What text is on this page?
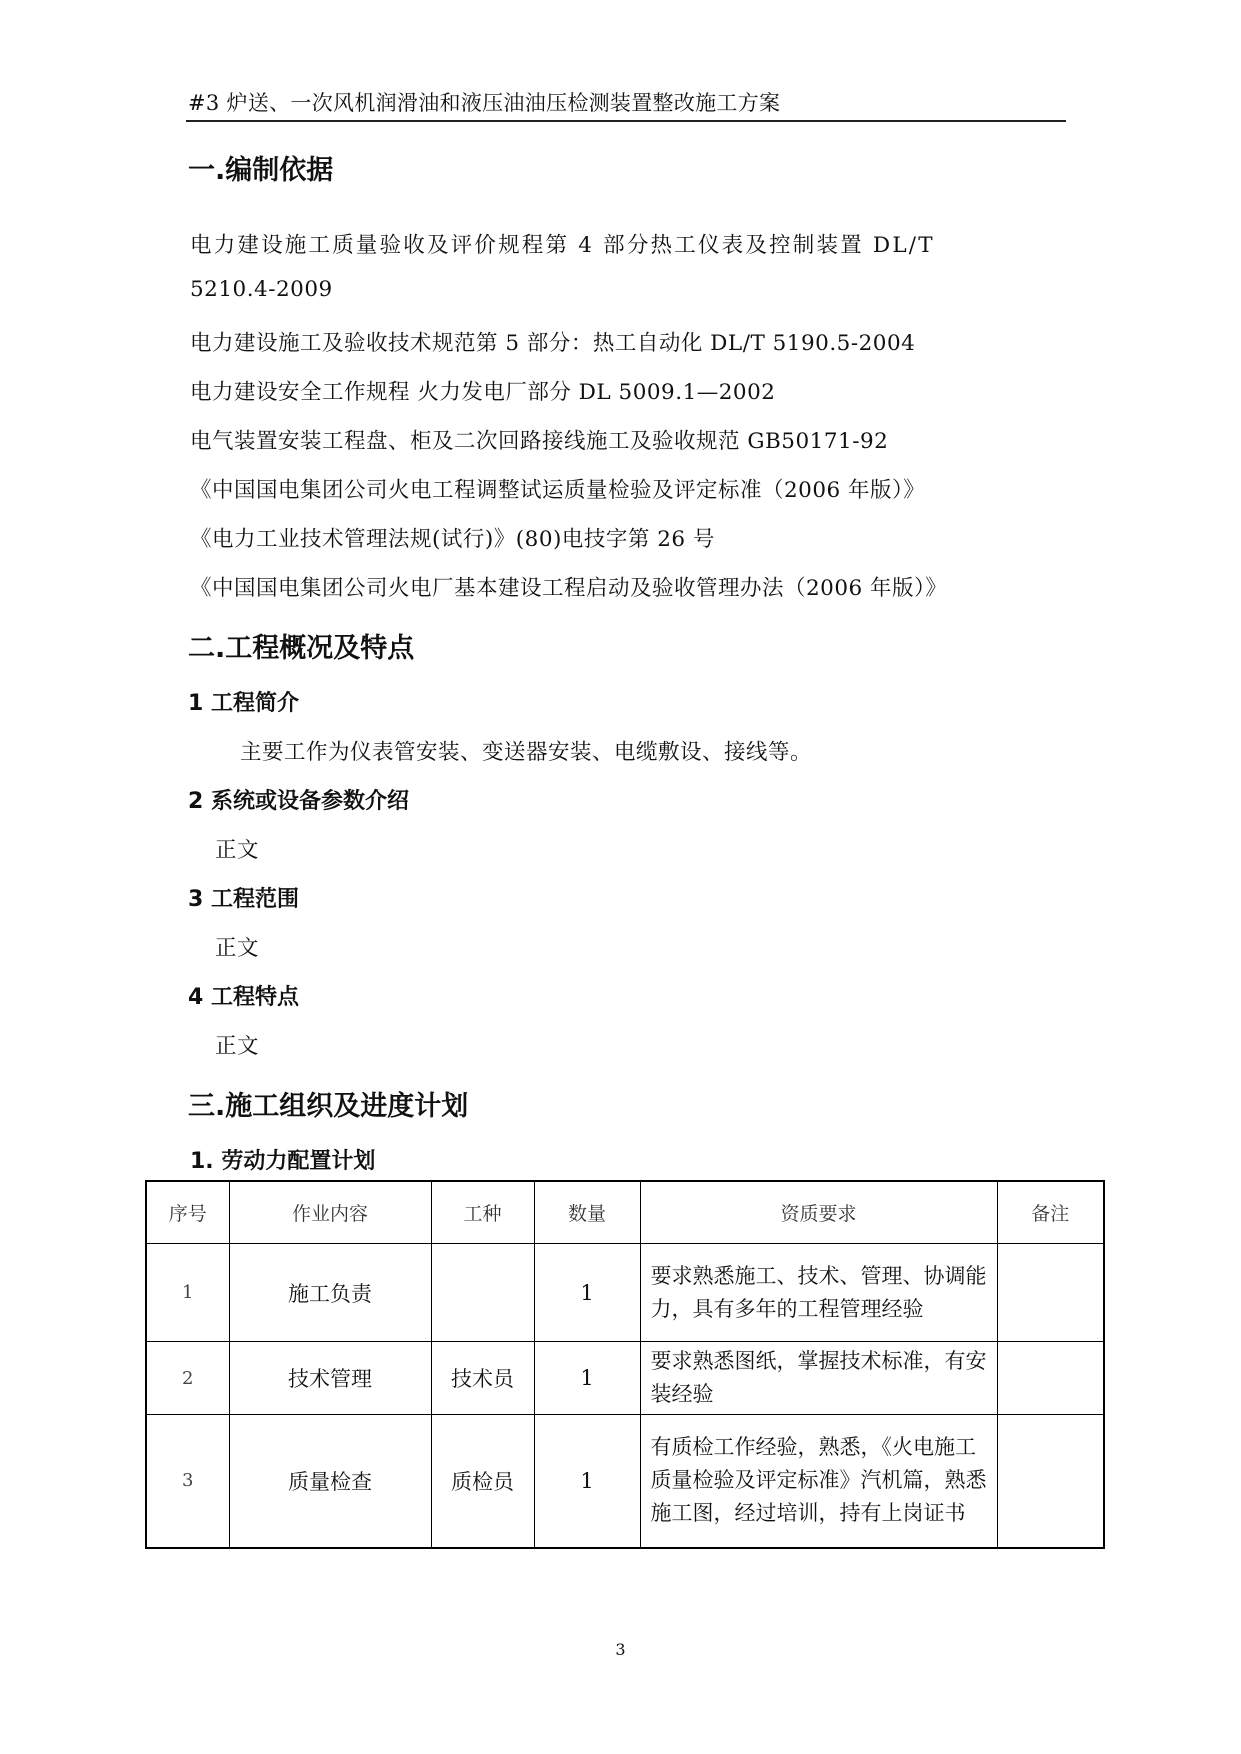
#3 炉送、一次风机润滑油和液压油油压检测装置整改施工方案
一.编制依据
电力建设施工质量验收及评价规程第 4 部分热工仪表及控制装置 DL/T
5210.4-2009
电力建设施工及验收技术规范第 5 部分：热工自动化 DL/T 5190.5-2004
电力建设安全工作规程 火力发电厂部分 DL 5009.1—2002
电气装置安装工程盘、柜及二次回路接线施工及验收规范 GB50171-92
《中国国电集团公司火电工程调整试运质量检验及评定标准（2006 年版）》
《电力工业技术管理法规(试行)》(80)电技字第 26 号
《中国国电集团公司火电厂基本建设工程启动及验收管理办法（2006 年版）》
二.工程概况及特点
1 工程简介
主要工作为仪表管安装、变送器安装、电缆敷设、接线等。
2 系统或设备参数介绍
正文
3 工程范围
正文
4 工程特点
正文
三.施工组织及进度计划
1. 劳动力配置计划
序号	作业内容	工种	数量	资质要求	备注
1	施工负责		1	要求熟悉施工、技术、管理、协调能力，具有多年的工程管理经验	
2	技术管理	技术员	1	要求熟悉图纸，掌握技术标准，有安装经验	
3	质量检查	质检员	1	有质检工作经验，熟悉，《火电施工质量检验及评定标准》汽机篇，熟悉施工图，经过培训，持有上岗证书	
3
